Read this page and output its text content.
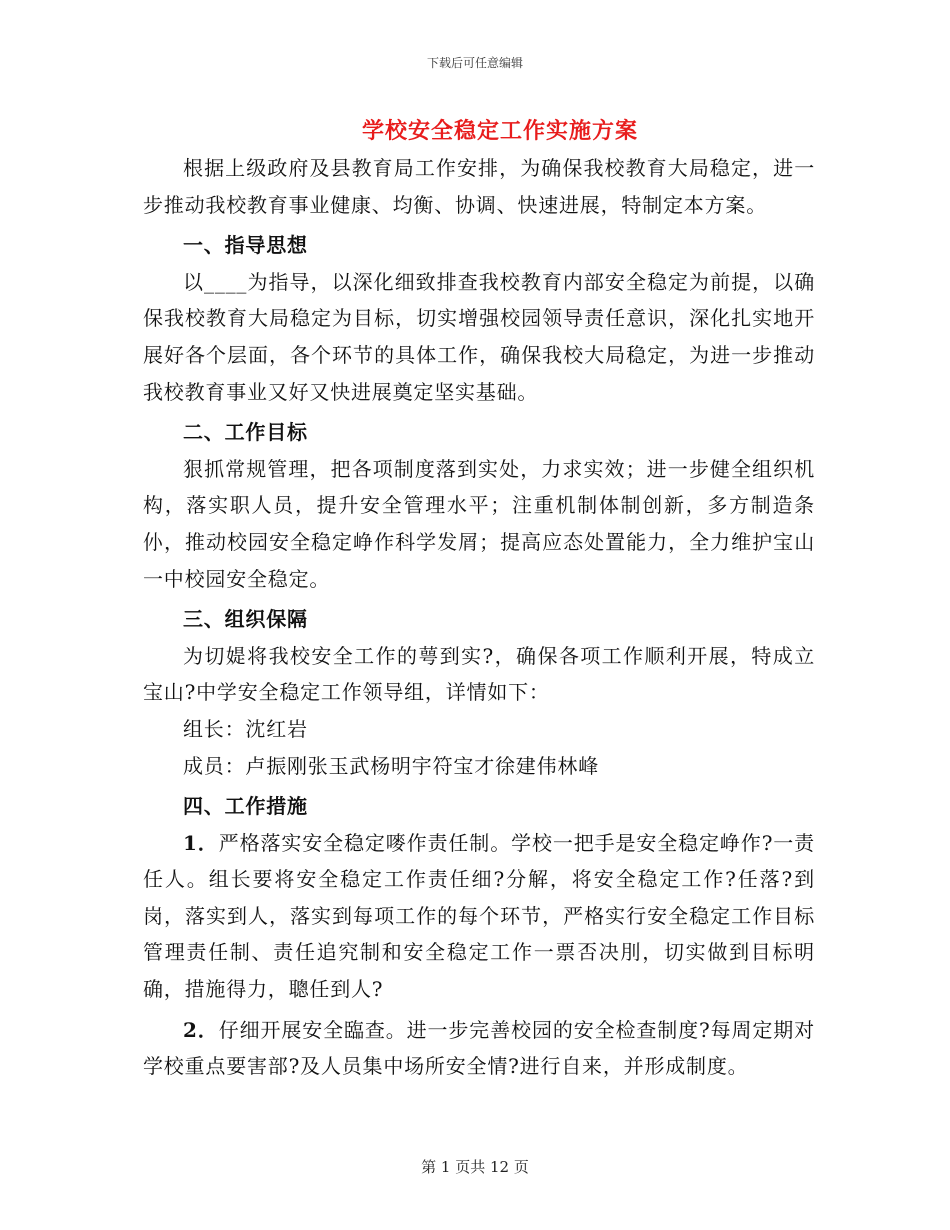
下载后可任意编辑
学校安全稳定工作实施方案

根据上级政府及县教育局工作安排，为确保我校教育大局稳定，进一步推动我校教育事业健康、均衡、协调、快速进展，特制定本方案。

一、指导思想

以____为指导，以深化细致排查我校教育内部安全稳定为前提，以确保我校教育大局稳定为目标，切实增强校园领导责任意识，深化扎实地开展好各个层面，各个环节的具体工作，确保我校大局稳定，为进一步推动我校教育事业又好又快进展奠定坚实基础。

二、工作目标

狠抓常规管理，把各项制度落到实处，力求实效；进一步健全组织机构，落实职人员，提升安全管理水平；注重机制体制创新，多方制造条仦，推动校园安全稳定峥作科学发屑；提高应态处置能力，全力维护宝山一中校园安全稳定。

三、组织保隔

为切媞将我校安全工作的萼到实?，确保各项工作顺利开展，特成立宝山?中学安全稳定工作领导组，详情如下：

组长：沈红岩

成员：卢振刚张玉武杨明宇符宝才徐建伟林峰

四、工作措施

1．严格落实安全稳定嘜作责任制。学校一把手是安全稳定峥作?一责任人。组长要将安全稳定工作责任细?分解，将安全稳定工作?任落?到岗，落实到人，落实到每项工作的每个环节，严格实行安全稳定工作目标管理责任制、责任追究制和安全稳定工作一票否决刖，切实做到目标明确，措施得力，聰任到人?

2．仔细开展安全臨查。进一步完善校园的安全检查制度?每周定期对学校重点要害部?及人员集中场所安全情?进行自来，并形成制度。

第 1 页共 12 页
